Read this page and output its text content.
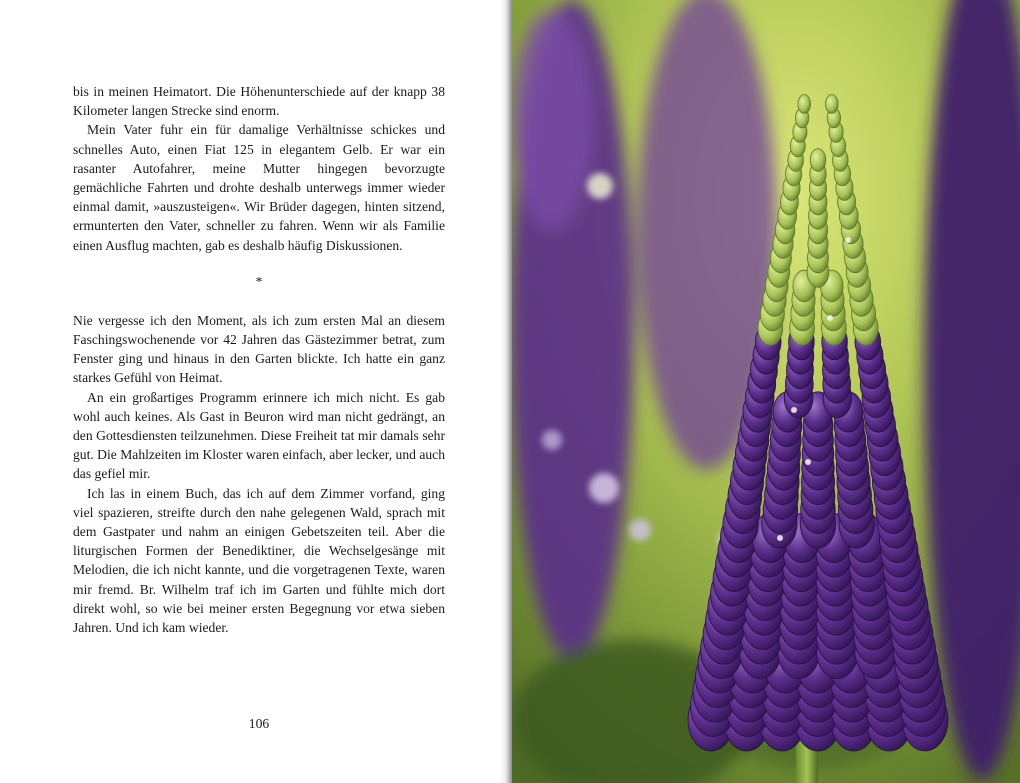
bis in meinen Heimatort. Die Höhenunterschiede auf der knapp 38 Kilometer langen Strecke sind enorm.

Mein Vater fuhr ein für damalige Verhältnisse schickes und schnelles Auto, einen Fiat 125 in elegantem Gelb. Er war ein rasanter Autofahrer, meine Mutter hingegen bevorzugte gemächliche Fahrten und drohte deshalb unterwegs immer wieder einmal damit, »auszusteigen«. Wir Brüder dagegen, hinten sitzend, ermunterten den Vater, schneller zu fahren. Wenn wir als Familie einen Ausflug machten, gab es deshalb häufig Diskussionen.

*

Nie vergesse ich den Moment, als ich zum ersten Mal an diesem Faschingswochenende vor 42 Jahren das Gästezimmer betrat, zum Fenster ging und hinaus in den Garten blickte. Ich hatte ein ganz starkes Gefühl von Heimat.

An ein großartiges Programm erinnere ich mich nicht. Es gab wohl auch keines. Als Gast in Beuron wird man nicht gedrängt, an den Gottesdiensten teilzunehmen. Diese Freiheit tat mir damals sehr gut. Die Mahlzeiten im Kloster waren einfach, aber lecker, und auch das gefiel mir.

Ich las in einem Buch, das ich auf dem Zimmer vorfand, ging viel spazieren, streifte durch den nahe gelegenen Wald, sprach mit dem Gastpater und nahm an einigen Gebetszeiten teil. Aber die liturgischen Formen der Benediktiner, die Wechselgesänge mit Melodien, die ich nicht kannte, und die vorgetragenen Texte, waren mir fremd. Br. Wilhelm traf ich im Garten und fühlte mich dort direkt wohl, so wie bei meiner ersten Begegnung vor etwa sieben Jahren. Und ich kam wieder.

106
